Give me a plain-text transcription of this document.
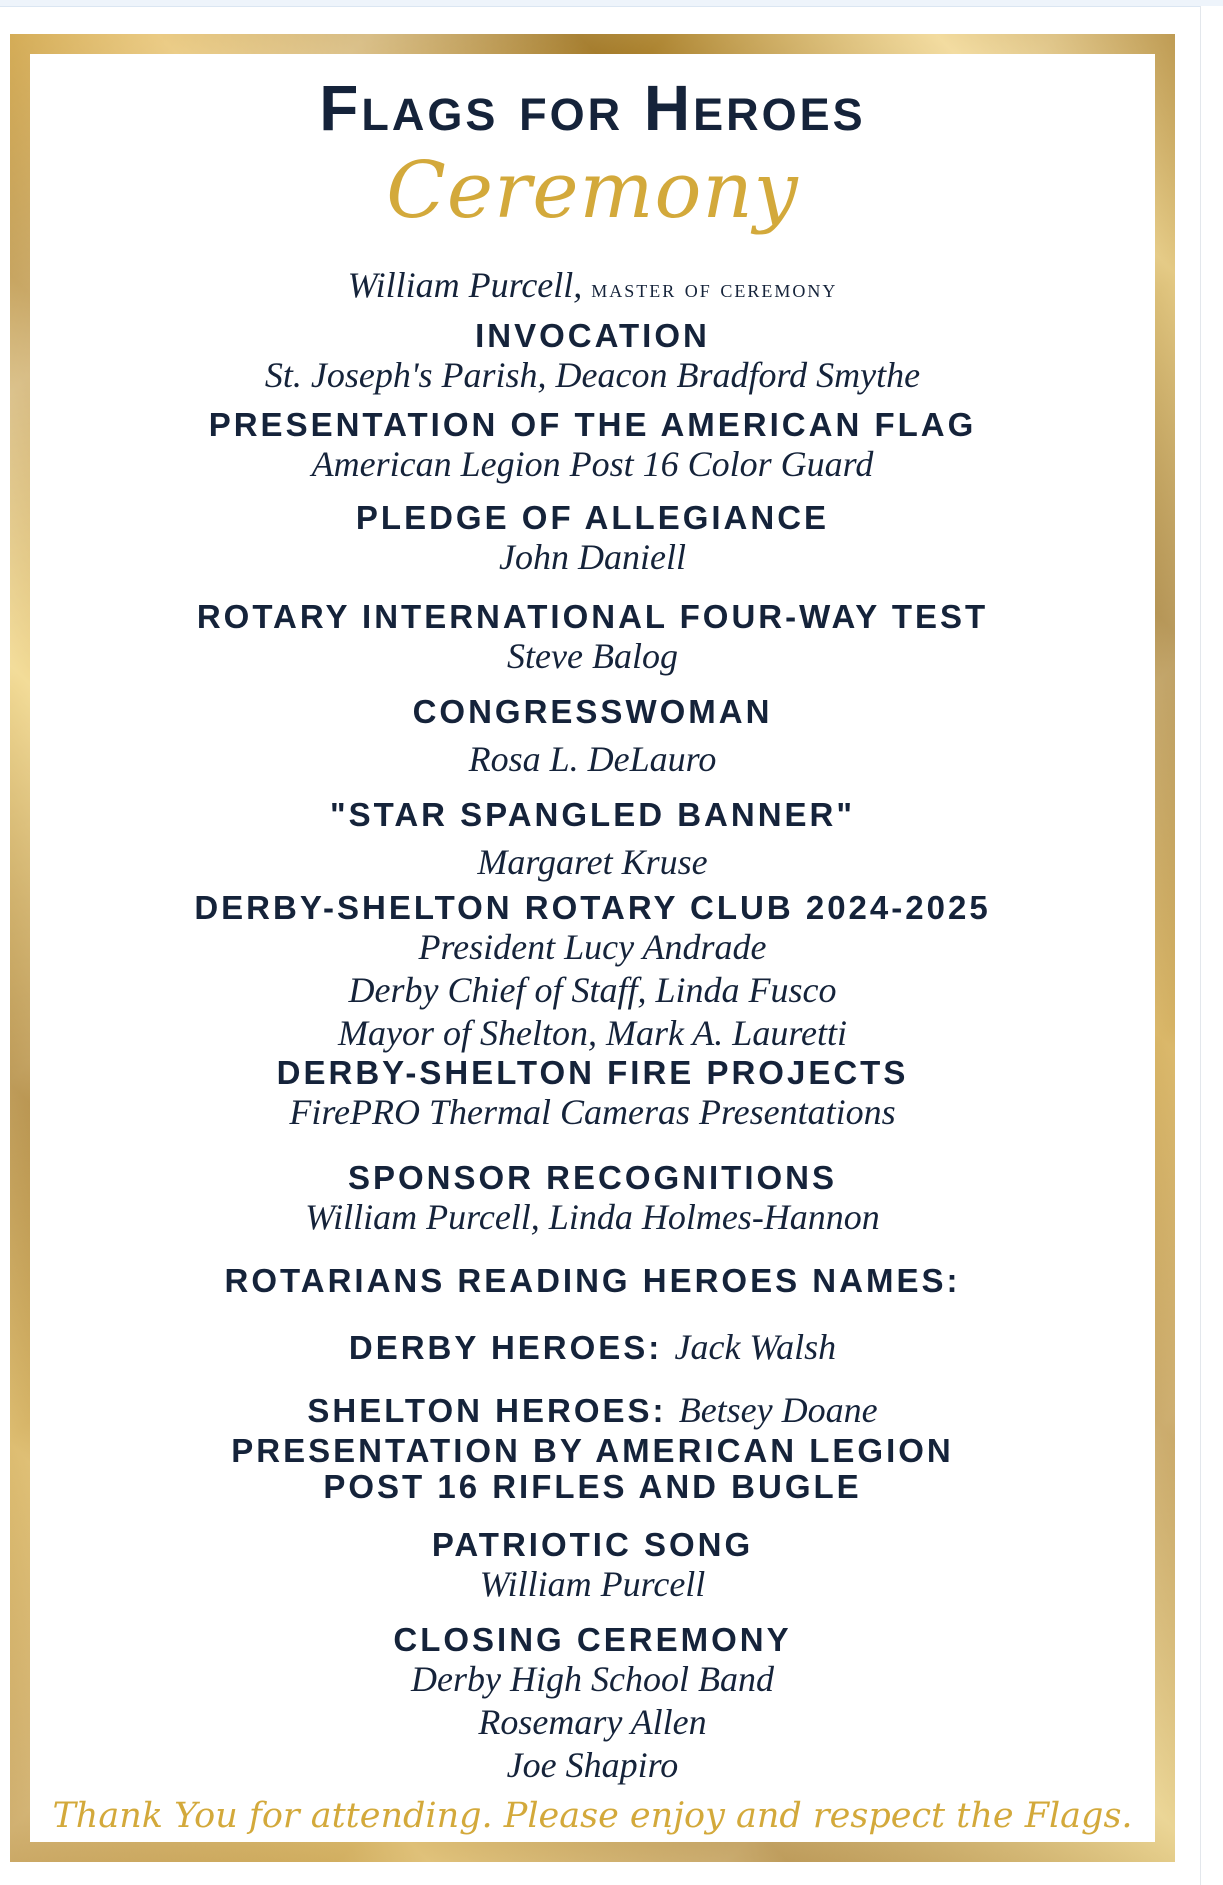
Flags for Heroes
Ceremony
William Purcell, master of ceremony
INVOCATION
St. Joseph's Parish, Deacon Bradford Smythe
PRESENTATION OF THE AMERICAN FLAG
American Legion Post 16 Color Guard
PLEDGE OF ALLEGIANCE
John Daniell
ROTARY INTERNATIONAL FOUR-WAY TEST
Steve Balog
CONGRESSWOMAN
Rosa L. DeLauro
"STAR SPANGLED BANNER"
Margaret Kruse
DERBY-SHELTON ROTARY CLUB 2024-2025
President Lucy Andrade
Derby Chief of Staff, Linda Fusco
Mayor of Shelton, Mark A. Lauretti
DERBY-SHELTON FIRE PROJECTS
FirePRO Thermal Cameras Presentations
SPONSOR RECOGNITIONS
William Purcell, Linda Holmes-Hannon
ROTARIANS READING HEROES NAMES:
DERBY HEROES: Jack Walsh
SHELTON HEROES: Betsey Doane
PRESENTATION BY AMERICAN LEGION
POST 16 RIFLES AND BUGLE
PATRIOTIC SONG
William Purcell
CLOSING CEREMONY
Derby High School Band
Rosemary Allen
Joe Shapiro
Thank You for attending. Please enjoy and respect the Flags.
